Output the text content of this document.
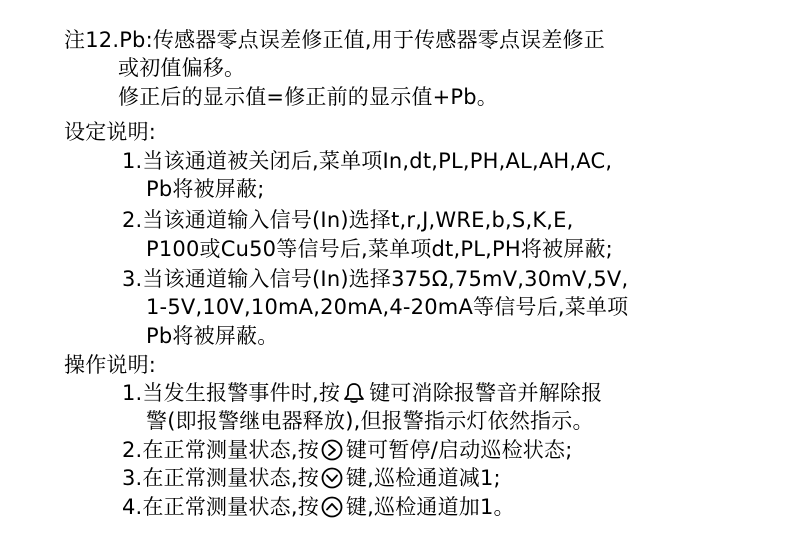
注12.Pb:传感器零点误差修正值,用于传感器零点误差修正
或初值偏移。
修正后的显示值=修正前的显示值+Pb。
设定说明:
1.当该通道被关闭后,菜单项In,dt,PL,PH,AL,AH,AC,
Pb将被屏蔽;
2.当该通道输入信号(In)选择t,r,J,WRE,b,S,K,E,
P100或Cu50等信号后,菜单项dt,PL,PH将被屏蔽;
3.当该通道输入信号(In)选择375Ω,75mV,30mV,5V,
1-5V,10V,10mA,20mA,4-20mA等信号后,菜单项
Pb将被屏蔽。
操作说明:
1.当发生报警事件时,按 键可消除报警音并解除报
警(即报警继电器释放),但报警指示灯依然指示。
2.在正常测量状态,按 键可暂停/启动巡检状态;
3.在正常测量状态,按 键,巡检通道减1;
4.在正常测量状态,按 键,巡检通道加1。
